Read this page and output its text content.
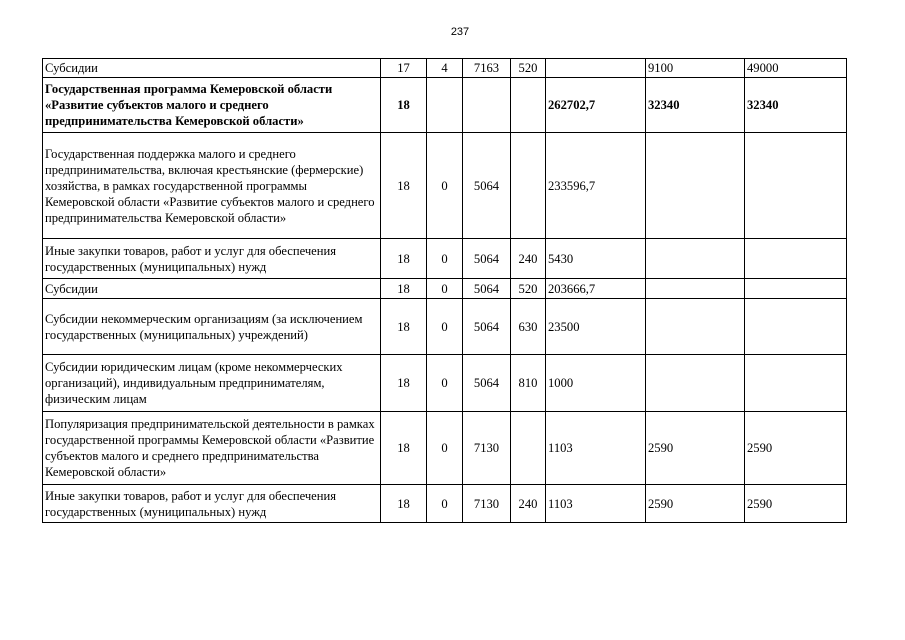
237
Субсидии	17	4	7163	520		9100	49000
Государственная программа Кемеровской области «Развитие субъектов малого и среднего предпринимательства Кемеровской области»	18				262702,7	32340	32340
Государственная поддержка малого и среднего предпринимательства, включая крестьянские (фермерские) хозяйства, в рамках государственной программы Кемеровской области «Развитие субъектов малого и среднего предпринимательства Кемеровской области»	18	0	5064		233596,7		
Иные закупки товаров, работ и услуг для обеспечения государственных (муниципальных) нужд	18	0	5064	240	5430		
Субсидии	18	0	5064	520	203666,7		
Субсидии некоммерческим организациям (за исключением государственных (муниципальных) учреждений)	18	0	5064	630	23500		
Субсидии юридическим лицам (кроме некоммерческих организаций), индивидуальным предпринимателям, физическим лицам	18	0	5064	810	1000		
Популяризация предпринимательской деятельности в рамках государственной программы Кемеровской области «Развитие субъектов малого и среднего предпринимательства Кемеровской области»	18	0	7130		1103	2590	2590
Иные закупки товаров, работ и услуг для обеспечения государственных (муниципальных) нужд	18	0	7130	240	1103	2590	2590
